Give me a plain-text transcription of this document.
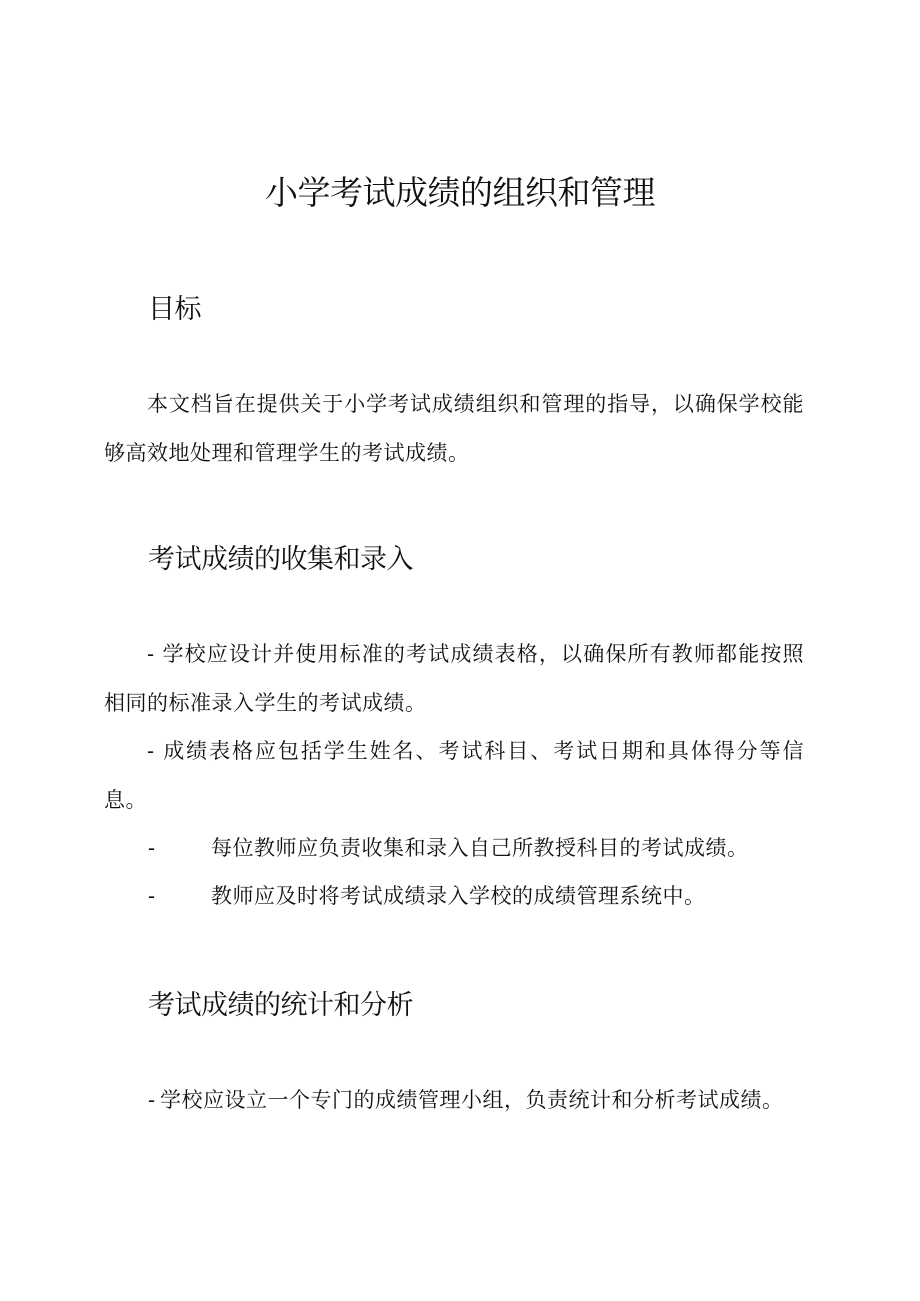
小学考试成绩的组织和管理
目标
本文档旨在提供关于小学考试成绩组织和管理的指导，以确保学校能够高效地处理和管理学生的考试成绩。
考试成绩的收集和录入
- 学校应设计并使用标准的考试成绩表格，以确保所有教师都能按照相同的标准录入学生的考试成绩。
- 成绩表格应包括学生姓名、考试科目、考试日期和具体得分等信息。
-	每位教师应负责收集和录入自己所教授科目的考试成绩。
-	教师应及时将考试成绩录入学校的成绩管理系统中。
考试成绩的统计和分析
- 学校应设立一个专门的成绩管理小组，负责统计和分析考试成绩。
